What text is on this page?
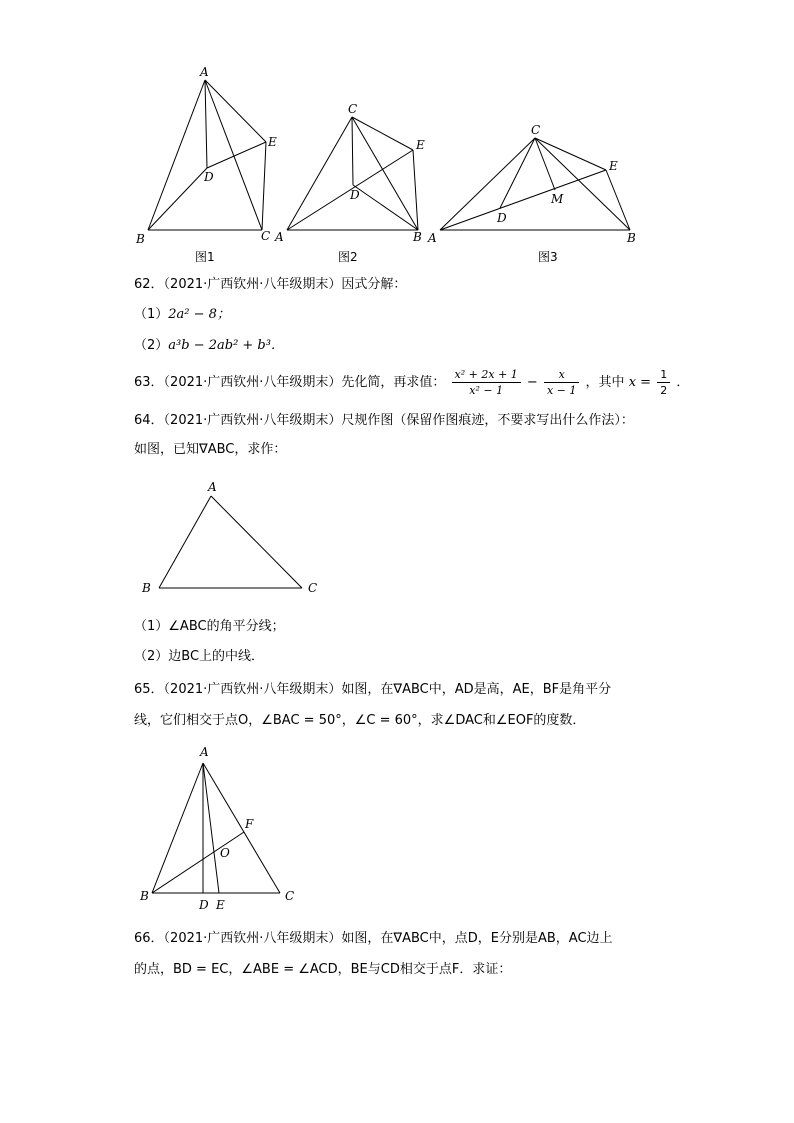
A
B	C
D
E
图1
C
A	B
D
E
图2
C
A	B
D
E
M
图3
62．（2021·广西钦州·八年级期末）因式分解：
（1）2a² − 8；
（2）a³b − 2ab² + b³．
63．（2021·广西钦州·八年级期末）先化简，再求值： $\frac{\text{x² + 2x + 1}}{\text{x² − 1}} - \frac{x}{x - 1}$ ，其中 $x = \frac{1}{2}$ ．
64．（2021·广西钦州·八年级期末）尺规作图（保留作图痕迹，不要求写出什么作法）：
如图，已知∇ABC，求作：
A
B	C
（1）∠ABC的角平分线；
（2）边BC上的中线．
65．（2021·广西钦州·八年级期末）如图，在∇ABC中，AD是高，AE，BF是角平分
线，它们相交于点O，∠BAC = 50°，∠C = 60°，求∠DAC和∠EOF的度数．
A
B	C
D E
F
O
66．（2021·广西钦州·八年级期末）如图，在∇ABC中，点D，E分别是AB，AC边上
的点，BD = EC，∠ABE = ∠ACD，BE与CD相交于点F．求证：
